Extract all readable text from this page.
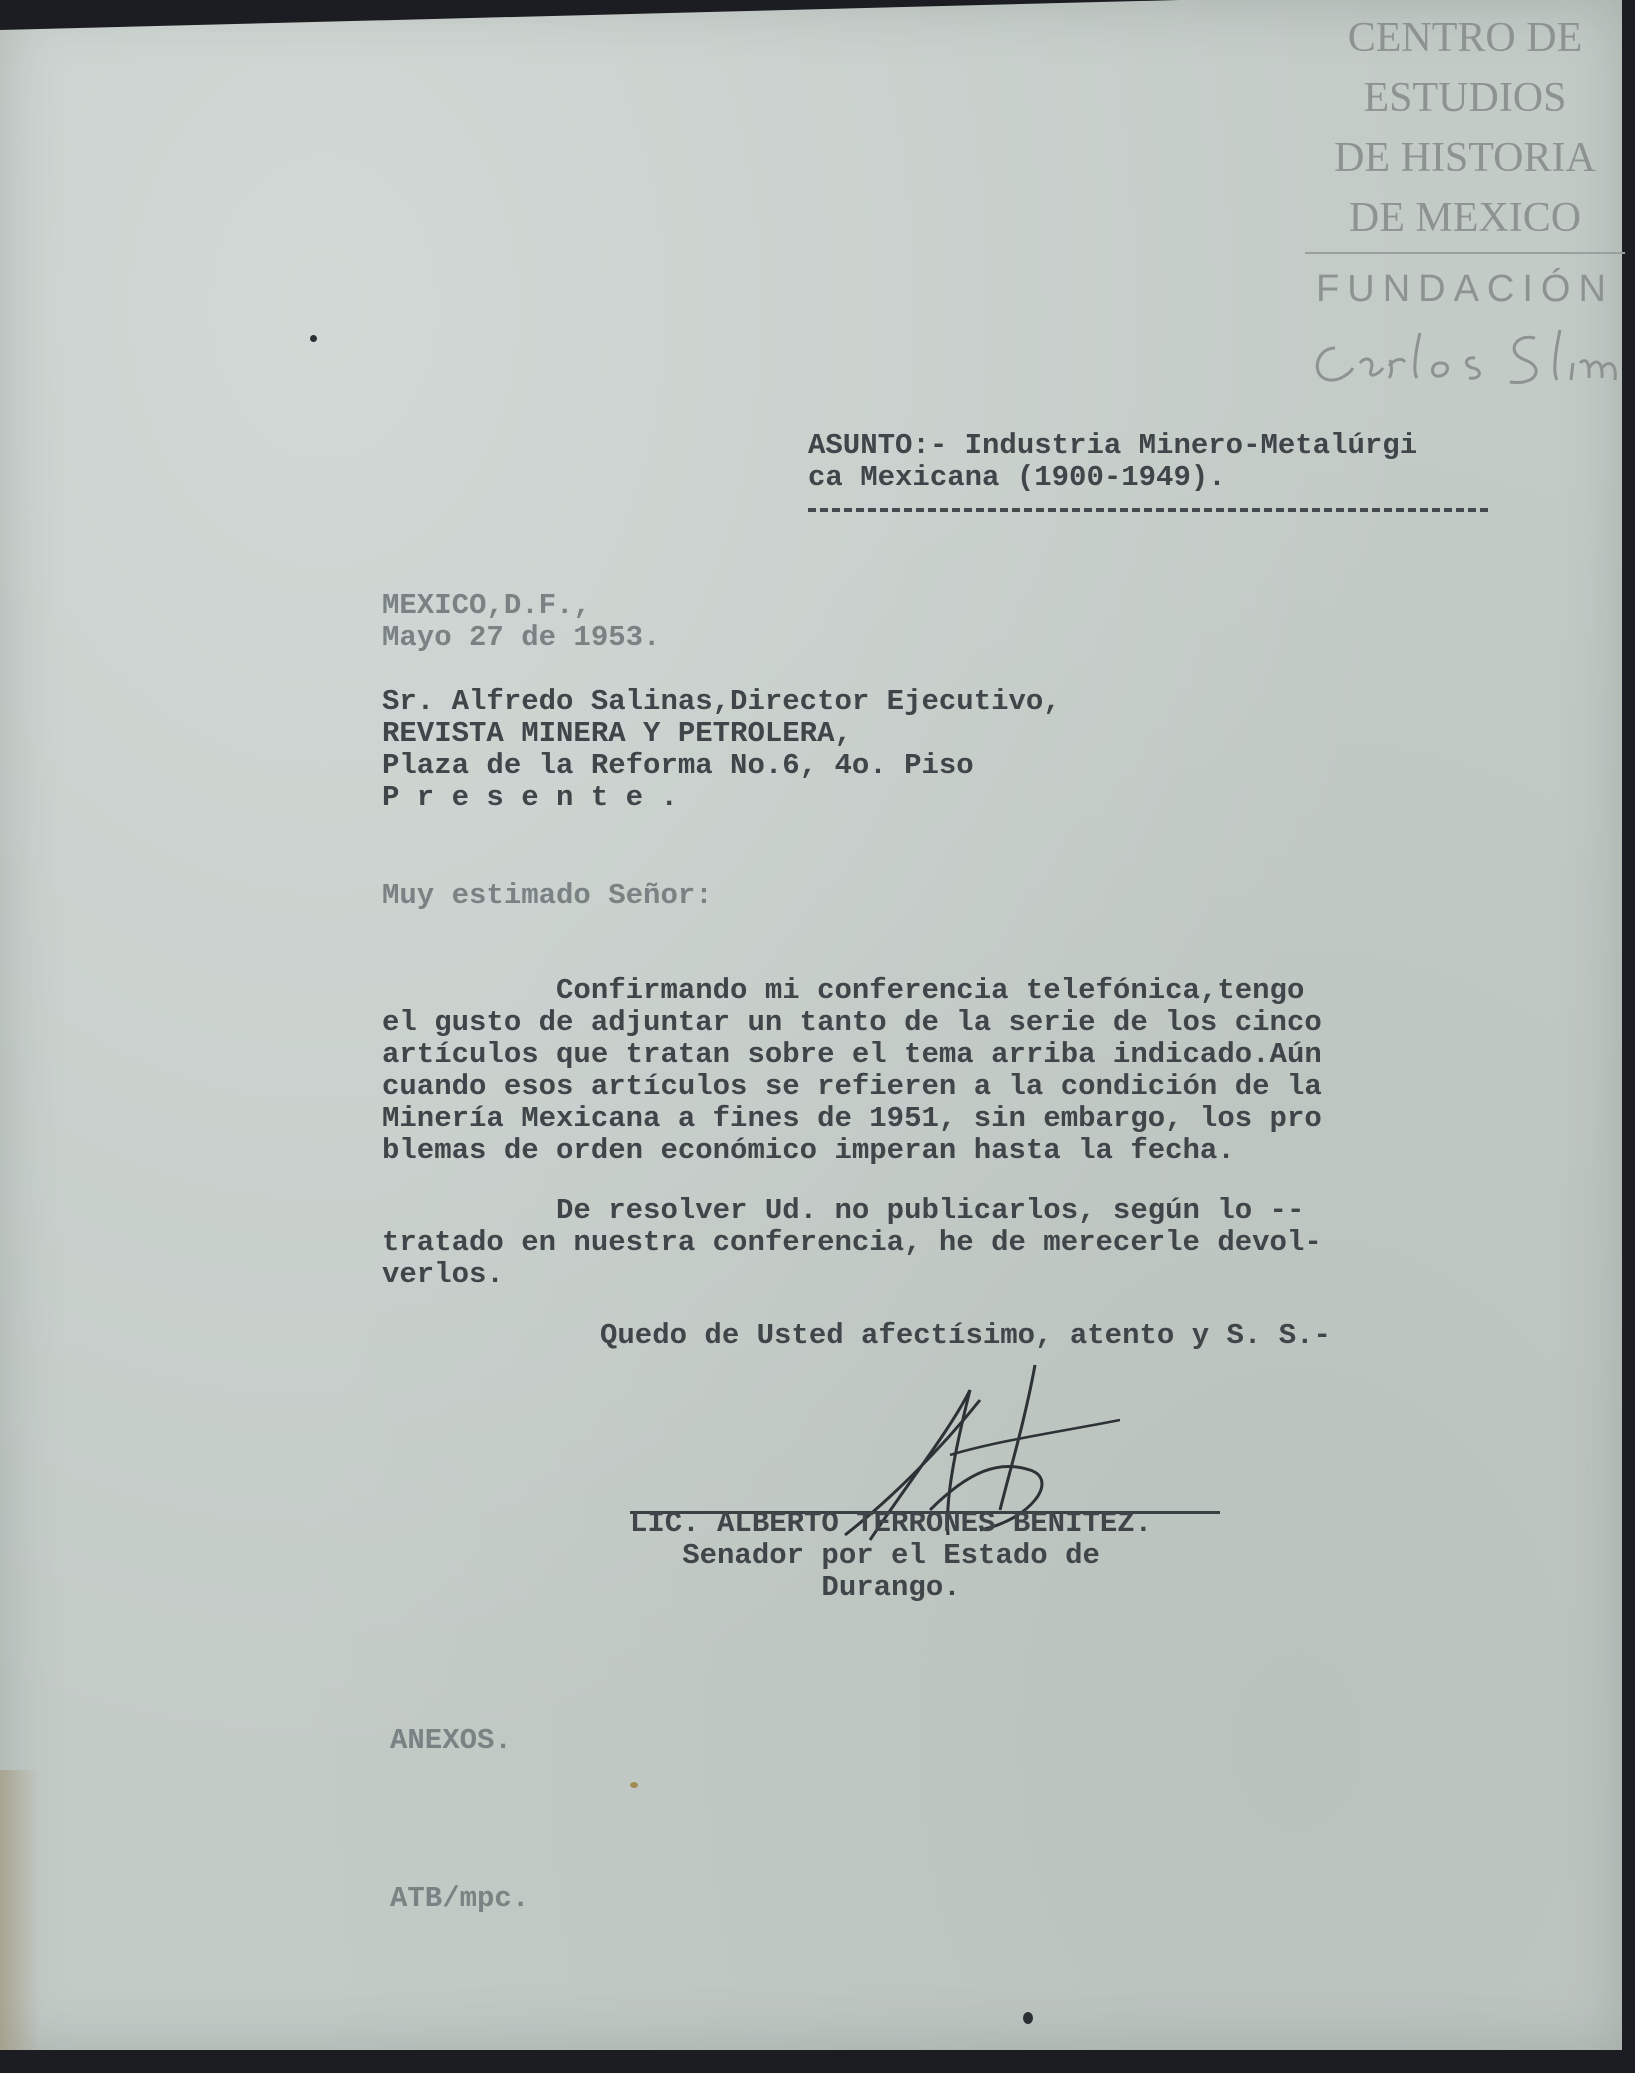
CENTRO DE
ESTUDIOS
DE HISTORIA
DE MEXICO
FUNDACIÓN
ASUNTO:- Industria Minero-Metalúrgi
ca Mexicana (1900-1949).
MEXICO,D.F.,
Mayo 27 de 1953.
Sr. Alfredo Salinas,Director Ejecutivo,
REVISTA MINERA Y PETROLERA,
Plaza de la Reforma No.6, 4o. Piso
P r e s e n t e .
Muy estimado Señor:
Confirmando mi conferencia telefónica,tengo
el gusto de adjuntar un tanto de la serie de los cinco
artículos que tratan sobre el tema arriba indicado.Aún
cuando esos artículos se refieren a la condición de la
Minería Mexicana a fines de 1951, sin embargo, los pro
blemas de orden económico imperan hasta la fecha.
De resolver Ud. no publicarlos, según lo --
tratado en nuestra conferencia, he de merecerle devol-
verlos.
Quedo de Usted afectísimo, atento y S. S.-
LIC. ALBERTO TERRONES BENITEZ.
Senador por el Estado de
Durango.
ANEXOS.
ATB/mpc.
